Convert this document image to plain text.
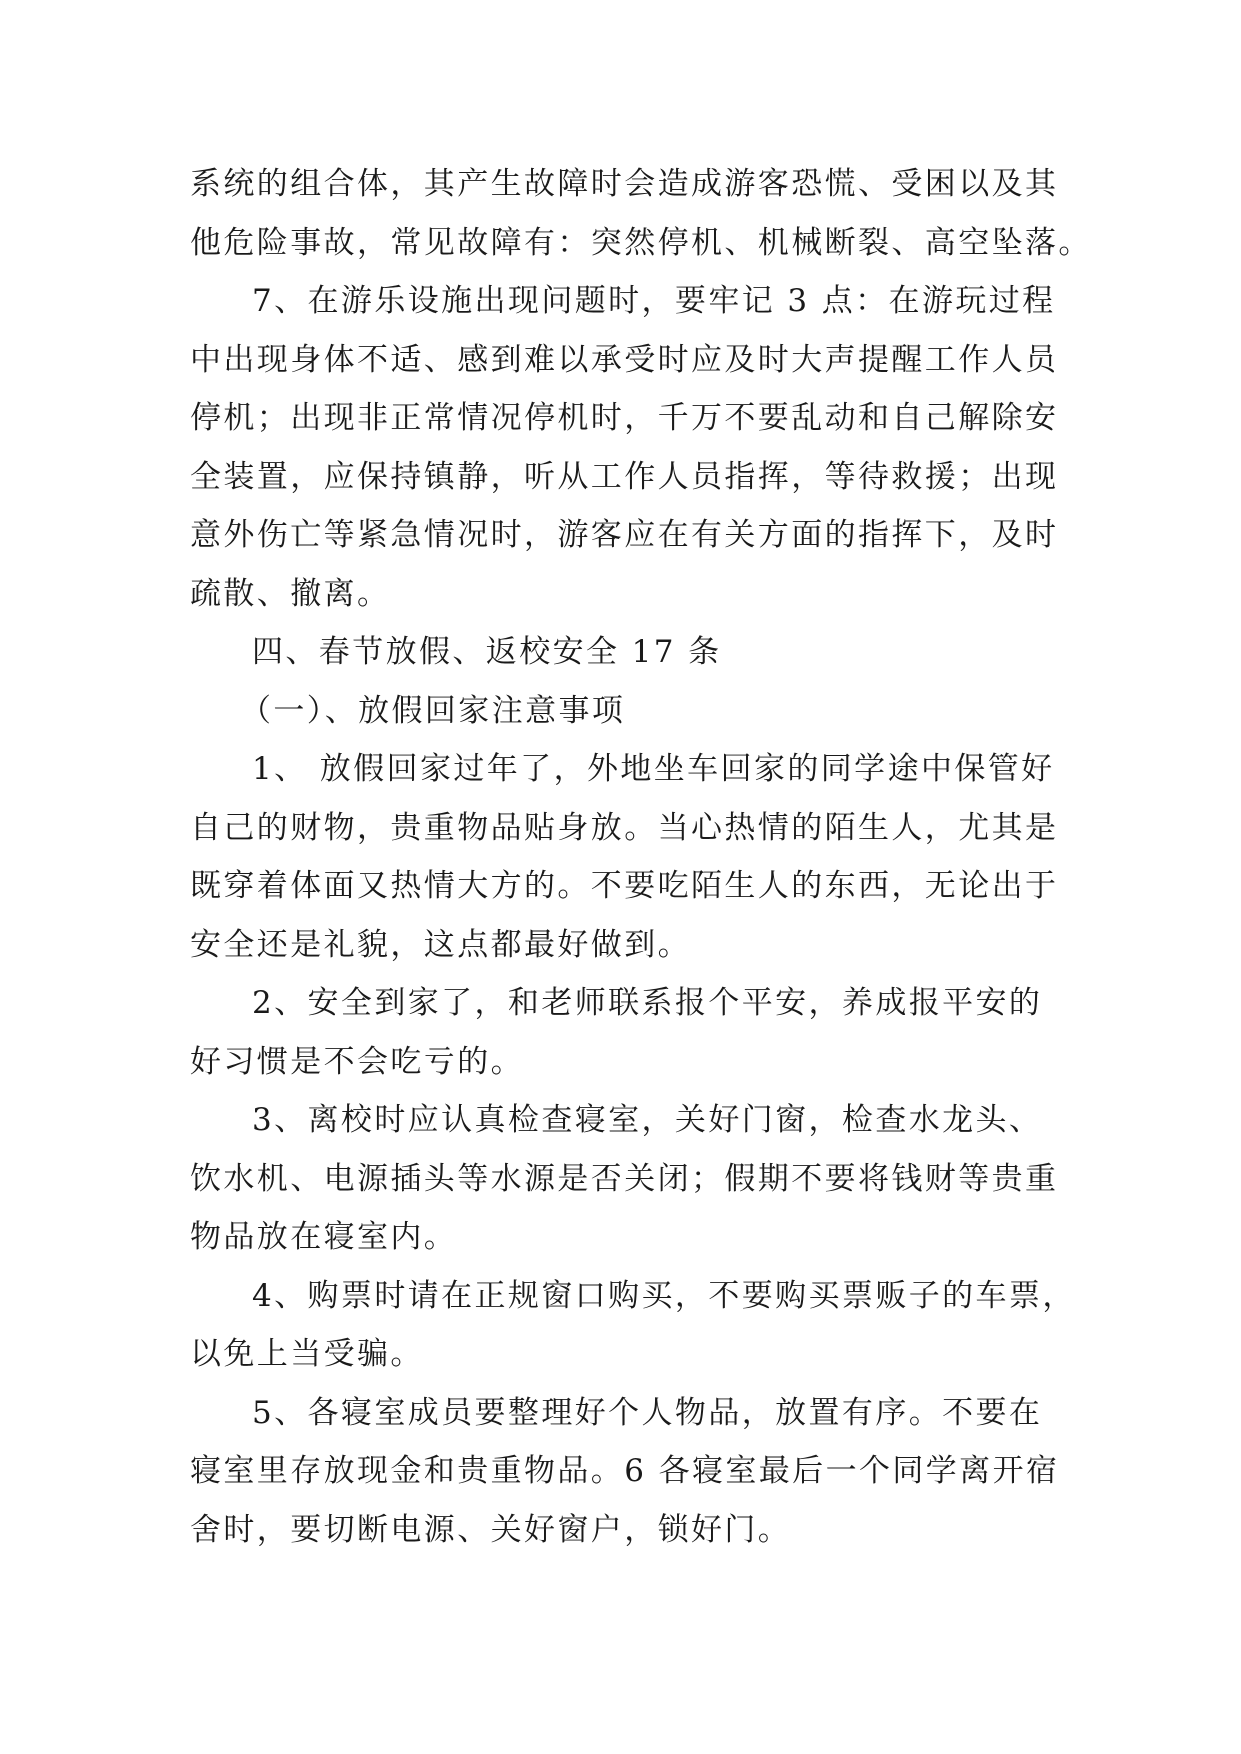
系统的组合体，其产生故障时会造成游客恐慌、受困以及其
他危险事故，常见故障有：突然停机、机械断裂、高空坠落。
7、在游乐设施出现问题时，要牢记 3 点：在游玩过程
中出现身体不适、感到难以承受时应及时大声提醒工作人员
停机；出现非正常情况停机时，千万不要乱动和自己解除安
全装置，应保持镇静，听从工作人员指挥，等待救援；出现
意外伤亡等紧急情况时，游客应在有关方面的指挥下，及时
疏散、撤离。
四、春节放假、返校安全 17 条
（一）、放假回家注意事项
1、 放假回家过年了，外地坐车回家的同学途中保管好
自己的财物，贵重物品贴身放。当心热情的陌生人，尤其是
既穿着体面又热情大方的。不要吃陌生人的东西，无论出于
安全还是礼貌，这点都最好做到。
2、安全到家了，和老师联系报个平安，养成报平安的
好习惯是不会吃亏的。
3、离校时应认真检查寝室，关好门窗，检查水龙头、
饮水机、电源插头等水源是否关闭；假期不要将钱财等贵重
物品放在寝室内。
4、购票时请在正规窗口购买，不要购买票贩子的车票，
以免上当受骗。
5、各寝室成员要整理好个人物品，放置有序。不要在
寝室里存放现金和贵重物品。6 各寝室最后一个同学离开宿
舍时，要切断电源、关好窗户，锁好门。
